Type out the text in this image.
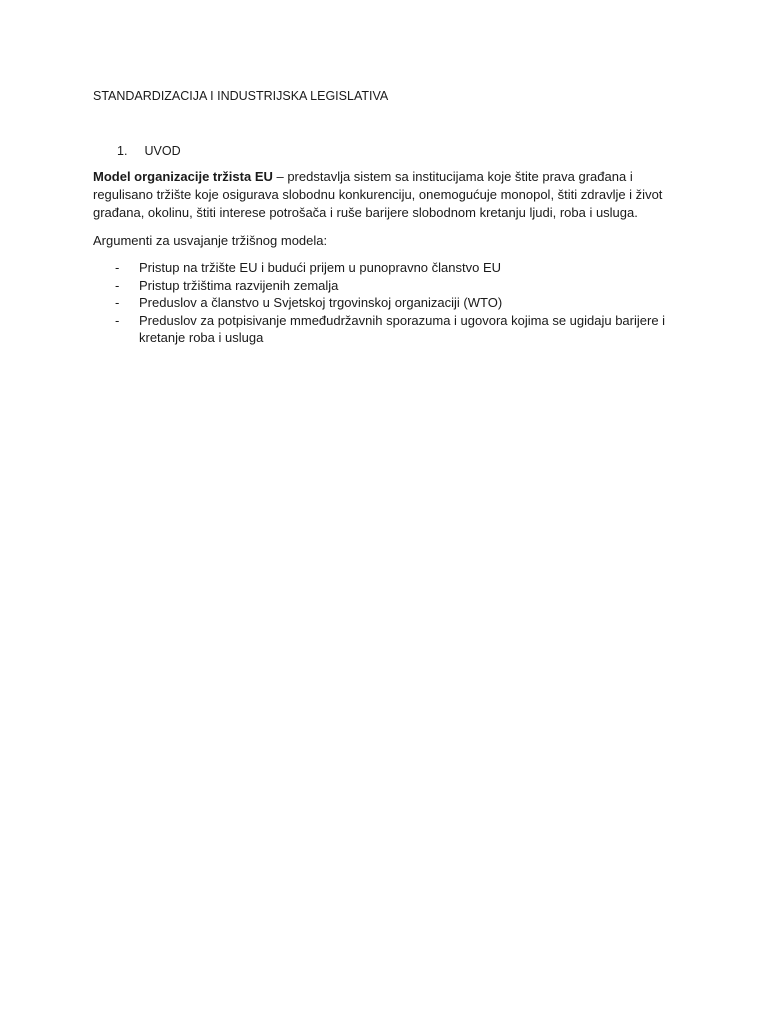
STANDARDIZACIJA I INDUSTRIJSKA LEGISLATIVA
1. UVOD
Model organizacije tržista EU – predstavlja sistem sa institucijama koje štite prava građana i regulisano tržište koje osigurava slobodnu konkurenciju, onemogućuje monopol, štiti zdravlje i život građana, okolinu, štiti interese potrošača i ruše barijere slobodnom kretanju ljudi, roba i usluga.
Argumenti za usvajanje tržišnog modela:
- Pristup na tržište EU i budući prijem u punopravno članstvo EU
- Pristup tržištima razvijenih zemalja
- Preduslov a članstvo u Svjetskoj trgovinskoj organizaciji (WTO)
- Preduslov za potpisivanje mmeđudržavnih sporazuma i ugovora kojima se ugidaju barijere i kretanje roba i usluga
